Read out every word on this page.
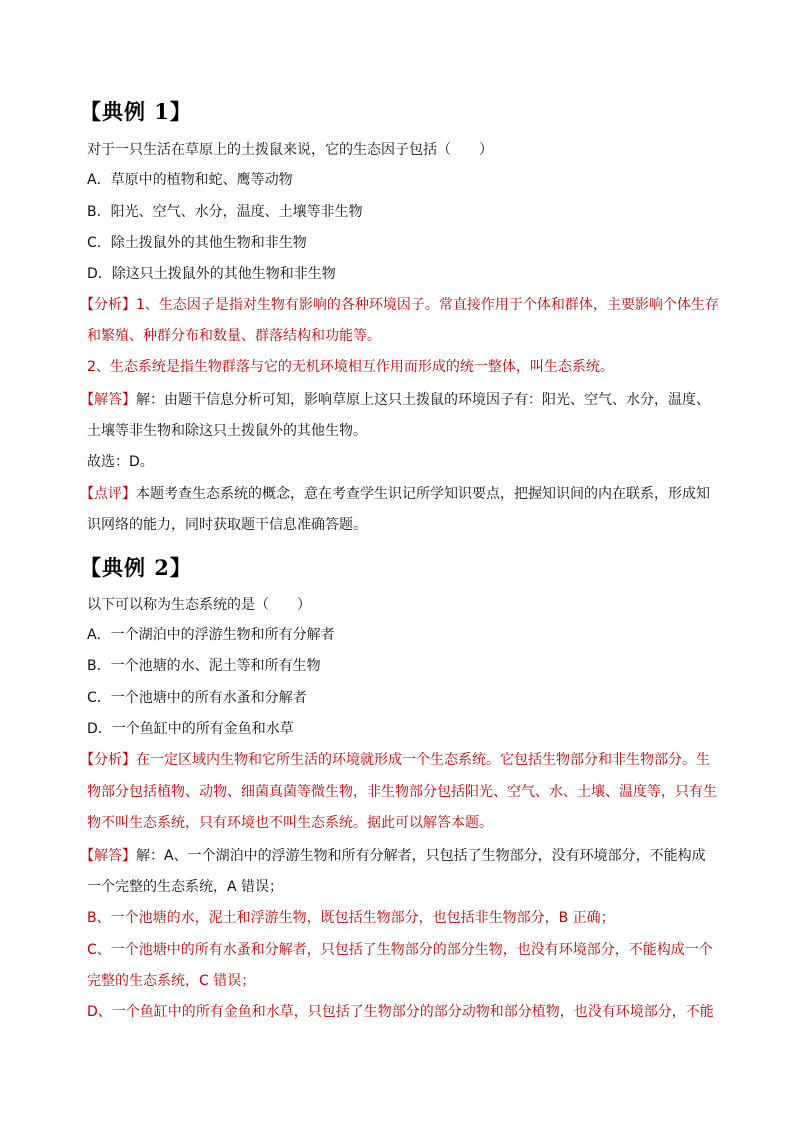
【典例 1】
对于一只生活在草原上的土拨鼠来说，它的生态因子包括（　　）
A．草原中的植物和蛇、鹰等动物
B．阳光、空气、水分，温度、土壤等非生物
C．除土拨鼠外的其他生物和非生物
D．除这只土拨鼠外的其他生物和非生物
【分析】1、生态因子是指对生物有影响的各种环境因子。常直接作用于个体和群体，主要影响个体生存
和繁殖、种群分布和数量、群落结构和功能等。
2、生态系统是指生物群落与它的无机环境相互作用而形成的统一整体，叫生态系统。
【解答】解：由题干信息分析可知，影响草原上这只土拨鼠的环境因子有：阳光、空气、水分，温度、
土壤等非生物和除这只土拨鼠外的其他生物。
故选：D。
【点评】本题考查生态系统的概念，意在考查学生识记所学知识要点，把握知识间的内在联系，形成知
识网络的能力，同时获取题干信息准确答题。
【典例 2】
以下可以称为生态系统的是（　　）
A．一个湖泊中的浮游生物和所有分解者
B．一个池塘的水、泥土等和所有生物
C．一个池塘中的所有水蚤和分解者
D．一个鱼缸中的所有金鱼和水草
【分析】在一定区域内生物和它所生活的环境就形成一个生态系统。它包括生物部分和非生物部分。生
物部分包括植物、动物、细菌真菌等微生物，非生物部分包括阳光、空气、水、土壤、温度等，只有生
物不叫生态系统，只有环境也不叫生态系统。据此可以解答本题。
【解答】解：A、一个湖泊中的浮游生物和所有分解者，只包括了生物部分，没有环境部分，不能构成
一个完整的生态系统，A 错误；
B、一个池塘的水，泥土和浮游生物，既包括生物部分，也包括非生物部分，B 正确；
C、一个池塘中的所有水蚤和分解者，只包括了生物部分的部分生物，也没有环境部分，不能构成一个
完整的生态系统，C 错误；
D、一个鱼缸中的所有金鱼和水草，只包括了生物部分的部分动物和部分植物，也没有环境部分，不能
